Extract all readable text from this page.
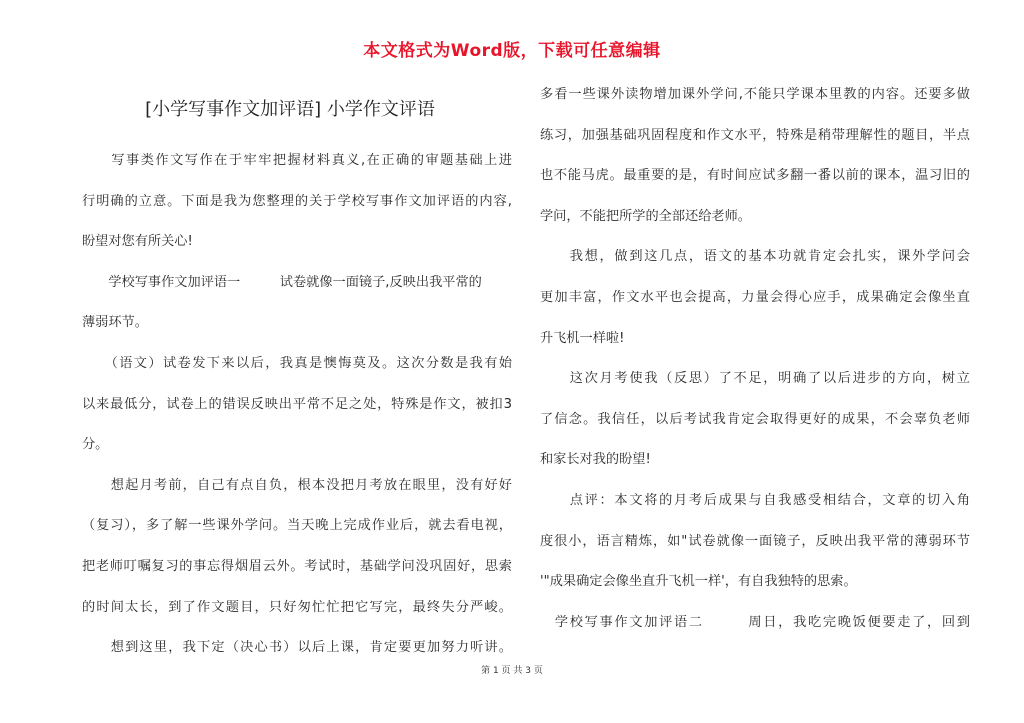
本文格式为Word版，下载可任意编辑
[小学写事作文加评语] 小学作文评语
　　写事类作文写作在于牢牢把握材料真义,在正确的审题基础上进
行明确的立意。下面是我为您整理的关于学校写事作文加评语的内容,
盼望对您有所关心!
　　学校写事作文加评语一　　　试卷就像一面镜子,反映出我平常的
薄弱环节。
　　（语文）试卷发下来以后，我真是懊悔莫及。这次分数是我有始
以来最低分，试卷上的错误反映出平常不足之处，特殊是作文，被扣3
分。
　　想起月考前，自己有点自负，根本没把月考放在眼里，没有好好
（复习），多了解一些课外学问。当天晚上完成作业后，就去看电视，
把老师叮嘱复习的事忘得烟眉云外。考试时，基础学问没巩固好，思索
的时间太长，到了作文题目，只好匆忙忙把它写完，最终失分严峻。
　　想到这里，我下定（决心书）以后上课，肯定要更加努力听讲。
多看一些课外读物增加课外学问,不能只学课本里教的内容。还要多做
练习，加强基础巩固程度和作文水平，特殊是稍带理解性的题目，半点
也不能马虎。最重要的是，有时间应试多翻一番以前的课本，温习旧的
学问，不能把所学的全部还给老师。
　　我想，做到这几点，语文的基本功就肯定会扎实，课外学问会
更加丰富，作文水平也会提高，力量会得心应手，成果确定会像坐直
升飞机一样啦!
　　这次月考使我（反思）了不足，明确了以后进步的方向，树立
了信念。我信任，以后考试我肯定会取得更好的成果，不会辜负老师
和家长对我的盼望!
　　点评：本文将的月考后成果与自我感受相结合，文章的切入角
度很小，语言精炼，如"试卷就像一面镜子，反映出我平常的薄弱环节
'"成果确定会像坐直升飞机一样'，有自我独特的思索。
　学校写事作文加评语二　　　周日，我吃完晚饭便要走了，回到
第 1 页 共 3 页
